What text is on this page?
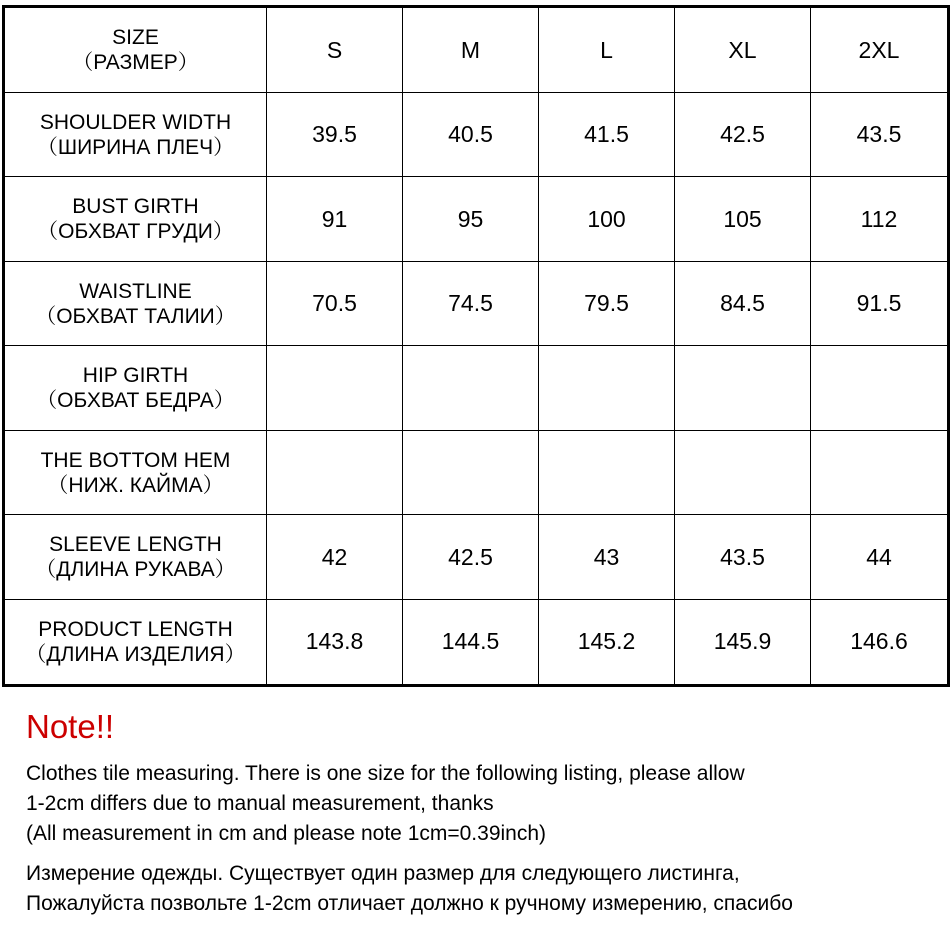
SIZE
（РАЗМЕР）	S	M	L	XL	2XL

SHOULDER WIDTH
（ШИРИНА ПЛЕЧ）	39.5	40.5	41.5	42.5	43.5

BUST GIRTH
（ОБХВАТ ГРУДИ）	91	95	100	105	112

WAISTLINE
（ОБХВАТ ТАЛИИ）	70.5	74.5	79.5	84.5	91.5

HIP GIRTH
（ОБХВАТ БЕДРА）					

THE BOTTOM HEM
（НИЖ. КАЙМА）					

SLEEVE LENGTH
（ДЛИНА РУКАВА）	42	42.5	43	43.5	44

PRODUCT LENGTH
（ДЛИНА ИЗДЕЛИЯ）	143.8	144.5	145.2	145.9	146.6
Note!!
Clothes tile measuring. There is one size for the following listing, please allow
1-2cm differs due to manual measurement, thanks
(All measurement in cm and please note 1cm=0.39inch)
Измерение одежды. Существует один размер для следующего листинга,
Пожалуйста позвольте 1-2cm отличает должно к ручному измерению, спасибо
